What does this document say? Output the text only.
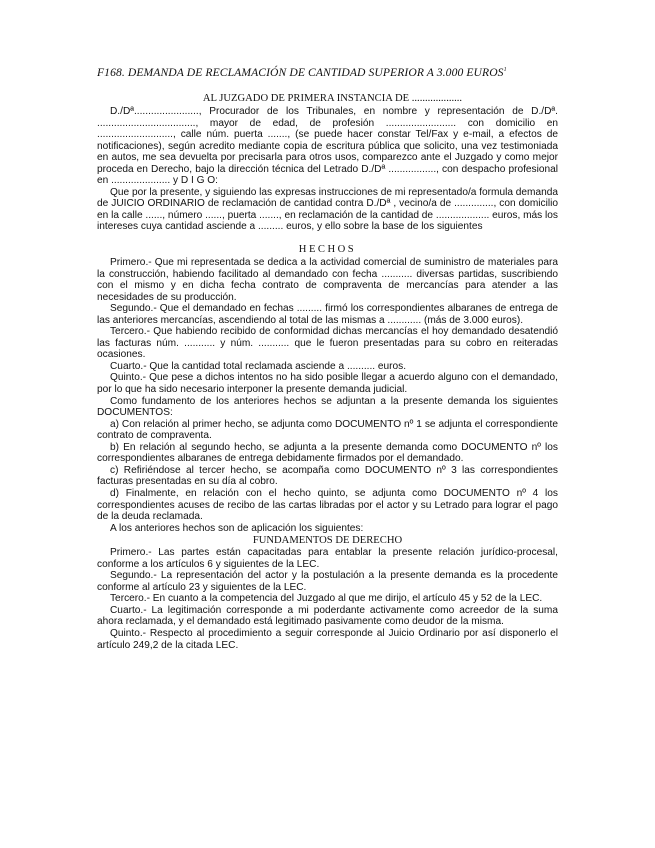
F168. DEMANDA DE RECLAMACIÓN DE CANTIDAD SUPERIOR A 3.000 EUROS$^1$
AL JUZGADO DE PRIMERA INSTANCIA DE ...................

D./Dª......................., Procurador de los Tribunales, en nombre y representación de D./Dª. ..................................., mayor de edad, de profesión ......................... con domicilio en ..........................., calle núm. puerta ......., (se puede hacer constar Tel/Fax y e-mail, a efectos de notificaciones), según acredito mediante copia de escritura pública que solicito, una vez testimoniada en autos, me sea devuelta por precisarla para otros usos, comparezco ante el Juzgado y como mejor proceda en Derecho, bajo la dirección técnica del Letrado D./Dª ................., con despacho profesional en ..................... y D I G O:

Que por la presente, y siguiendo las expresas instrucciones de mi representado/a formula demanda de JUICIO ORDINARIO de reclamación de cantidad contra D./Dª , vecino/a de .............., con domicilio en la calle ......, número ......, puerta ......., en reclamación de la cantidad de ................... euros, más los intereses cuya cantidad asciende a ......... euros, y ello sobre la base de los siguientes

HECHOS

Primero.- Que mi representada se dedica a la actividad comercial de suministro de materiales para la construcción, habiendo facilitado al demandado con fecha ........... diversas partidas, suscribiendo con el mismo y en dicha fecha contrato de compraventa de mercancías para atender a las necesidades de su producción.

Segundo.- Que el demandado en fechas ......... firmó los correspondientes albaranes de entrega de las anteriores mercancías, ascendiendo al total de las mismas a ............ (más de 3.000 euros).

Tercero.- Que habiendo recibido de conformidad dichas mercancías el hoy demandado desatendió las facturas núm. ........... y núm. ........... que le fueron presentadas para su cobro en reiteradas ocasiones.

Cuarto.- Que la cantidad total reclamada asciende a .......... euros.

Quinto.- Que pese a dichos intentos no ha sido posible llegar a acuerdo alguno con el demandado, por lo que ha sido necesario interponer la presente demanda judicial.

Como fundamento de los anteriores hechos se adjuntan a la presente demanda los siguientes DOCUMENTOS:

a) Con relación al primer hecho, se adjunta como DOCUMENTO nº 1 se adjunta el correspondiente contrato de compraventa.

b) En relación al segundo hecho, se adjunta a la presente demanda como DOCUMENTO nº los correspondientes albaranes de entrega debidamente firmados por el demandado.

c) Refiriéndose al tercer hecho, se acompaña como DOCUMENTO nº 3 las correspondientes facturas presentadas en su día al cobro.

d) Finalmente, en relación con el hecho quinto, se adjunta como DOCUMENTO nº 4 los correspondientes acuses de recibo de las cartas libradas por el actor y su Letrado para lograr el pago de la deuda reclamada.

A los anteriores hechos son de aplicación los siguientes:

FUNDAMENTOS DE DERECHO

Primero.- Las partes están capacitadas para entablar la presente relación jurídico-procesal, conforme a los artículos 6 y siguientes de la LEC.

Segundo.- La representación del actor y la postulación a la presente demanda es la procedente conforme al artículo 23 y siguientes de la LEC.

Tercero.- En cuanto a la competencia del Juzgado al que me dirijo, el artículo 45 y 52 de la LEC.

Cuarto.- La legitimación corresponde a mi poderdante activamente como acreedor de la suma ahora reclamada, y el demandado está legitimado pasivamente como deudor de la misma.

Quinto.- Respecto al procedimiento a seguir corresponde al Juicio Ordinario por así disponerlo el artículo 249,2 de la citada LEC.
